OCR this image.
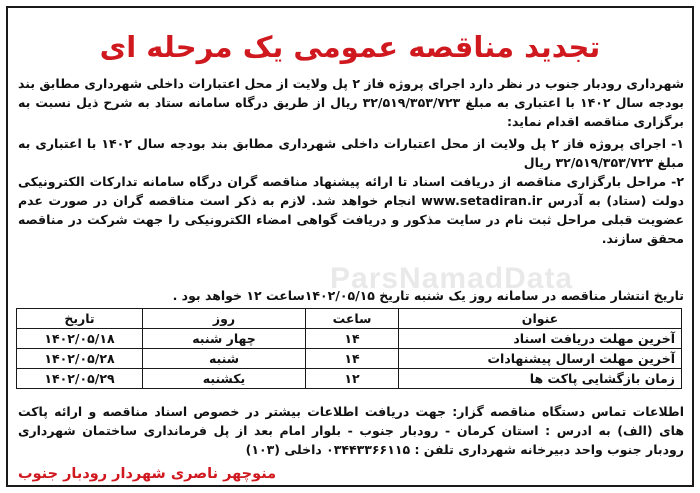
ParsNamadData
تجدید مناقصه عمومی یک مرحله ای
شهرداری رودبار جنوب در نظر دارد اجرای پروژه فاز ۲ پل ولایت از محل اعتبارات داخلی شهرداری مطابق بند بودجه سال ۱۴۰۲ با اعتباری به مبلغ ۳۲/۵۱۹/۳۵۳/۷۲۳ ریال از طریق درگاه سامانه ستاد به شرح ذیل نسبت به برگزاری مناقصه اقدام نماید:
۱- اجرای پروژه فاز ۲ پل ولایت از محل اعتبارات داخلی شهرداری مطابق بند بودجه سال ۱۴۰۲ با اعتباری به مبلغ ۳۲/۵۱۹/۳۵۳/۷۲۳ ریال
۲- مراحل بارگزاری مناقصه از دریافت اسناد تا ارائه پیشنهاد مناقصه گران درگاه سامانه تدارکات الکترونیکی دولت (ستاد) به آدرس www.setadiran.ir انجام خواهد شد. لازم به ذکر است مناقصه گران در صورت عدم عضویت قبلی مراحل ثبت نام در سایت مذکور و دریافت گواهی امضاء الکترونیکی را جهت شرکت در مناقصه محقق سازند.
تاریخ انتشار مناقصه در سامانه روز یک شنبه تاریخ ۱۴۰۲/۰۵/۱۵ساعت ۱۲ خواهد بود .
عنوان	ساعت	روز	تاریخ
آخرین مهلت دریافت اسناد	۱۴	چهار شنبه	۱۴۰۲/۰۵/۱۸
آخرین مهلت ارسال پیشنهادات	۱۴	شنبه	۱۴۰۲/۰۵/۲۸
زمان بازگشایی پاکت ها	۱۲	یکشنبه	۱۴۰۲/۰۵/۲۹
اطلاعات تماس دستگاه مناقصه گزار: جهت دریافت اطلاعات بیشتر در خصوص اسناد مناقصه و ارائه پاکت های (الف) به ادرس : استان کرمان - رودبار جنوب - بلوار امام بعد از پل فرمانداری ساختمان شهرداری رودبار جنوب واحد دبیرخانه شهرداری تلفن : ۰۳۴۴۳۳۶۶۱۱۵ داخلی (۱۰۳)
منوچهر ناصری شهردار رودبار جنوب
